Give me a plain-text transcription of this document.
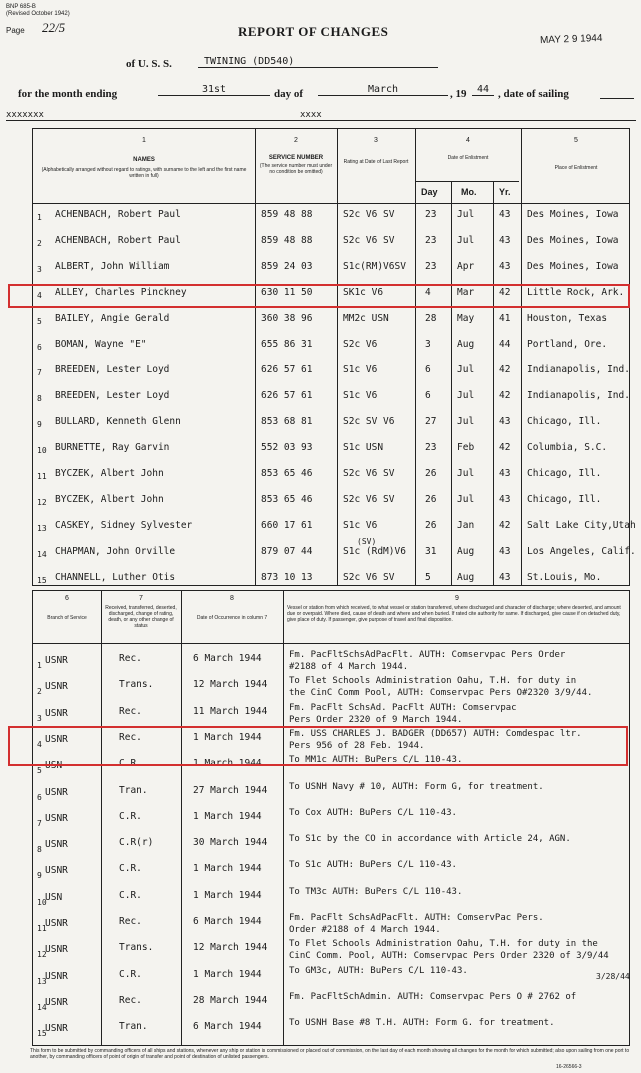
BNP 685-B
(Revised October 1942)
Page 22/5	REPORT OF CHANGES
MAY 2 9 1944
of U. S. S.	TWINING (DD540)
for the month ending	31st	day of	March	, 19	44 , date of sailing
xxxxxxx	xxxx
1
NAMES
(Alphabetically arranged without regard to ratings, with surname to the left and the first name written in full)
2
SERVICE NUMBER
(The service number must under no condition be omitted)
3
Rating at Date of Last Report
4
Date of Enlistment
Day	Mo.	Yr.
5
Place of Enlistment
1 ACHENBACH, Robert Paul	859 48 88	S2c V6 SV	23 Jul	43 Des Moines, Iowa
2 ACHENBACH, Robert Paul	859 48 88	S2c V6 SV	23 Jul	43 Des Moines, Iowa
3 ALBERT, John William	859 24 03	S1c(RM)V6SV 23 Apr	43 Des Moines, Iowa
4 ALLEY, Charles Pinckney	630 11 50	SK1c V6	4	Mar	42 Little Rock, Ark.
5 BAILEY, Angie Gerald	360 38 96	MM2c USN	28 May	41 Houston, Texas
6 BOMAN, Wayne "E"	655 86 31	S2c V6	3	Aug	44 Portland, Ore.
7 BREEDEN, Lester Loyd	626 57 61	S1c V6	6	Jul	42 Indianapolis, Ind.
8 BREEDEN, Lester Loyd	626 57 61	S1c V6	6	Jul	42 Indianapolis, Ind.
9 BULLARD, Kenneth Glenn	853 68 81	S2c SV V6	27 Jul	43 Chicago, Ill.
10 BURNETTE, Ray Garvin	552 03 93	S1c USN	23 Feb	42 Columbia, S.C.
11 BYCZEK, Albert John	853 65 46	S2c V6 SV	26 Jul	43 Chicago, Ill.
12 BYCZEK, Albert John	853 65 46	S2c V6 SV	26 Jul	43 Chicago, Ill.
13 CASKEY, Sidney Sylvester	660 17 61	S1c V6	26 Jan	42 Salt Lake City,Utah
14 CHAPMAN, John Orville	879 07 44	S1c (RdM)V6 31 Aug	43 Los Angeles, Calif.
15 CHANNELL, Luther Otis	873 10 13	S2c V6 SV	5	Aug	43 St.Louis, Mo.
(SV)
6
Branch of Service
7
Received, transferred, deserted, discharged, change of rating, death, or any other change of status
8
Date of Occurrence in column 7
9
Vessel or station from which received, to what vessel or station transferred, where discharged and character of discharge; where deserted, and amount due or overpaid. Where died, cause of death and where and when buried. If rated cite authority for same. If discharged, give cause if on detached duty, give place of duty. If passenger, give purpose of travel and final disposition.
1 USNR	Rec.	6 March 1944	Fm. PacFltSchsAdPacFlt. AUTH: Comservpac Pers Order
#2188 of 4 March 1944.
2 USNR	Trans.	12 March 1944 To Flet Schools Administration Oahu, T.H. for duty in
the CinC Comm Pool, AUTH: Comservpac Pers O#2320 3/9/44.
3 USNR	Rec.	11 March 1944 Fm. PacFlt SchsAd. PacFlt AUTH: Comservpac
Pers Order 2320 of 9 March 1944.
4 USNR	Rec.	1 March 1944	Fm. USS CHARLES J. BADGER (DD657) AUTH: Comdespac ltr.
Pers 956 of 28 Feb. 1944.
5 USN	C.R.	1 March 1944	To MM1c AUTH: BuPers C/L 110-43.
6 USNR	Tran.	27 March 1944 To USNH Navy # 10, AUTH: Form G, for treatment.
7 USNR	C.R.	1 March 1944	To Cox AUTH: BuPers C/L 110-43.
8 USNR	C.R(r)	30 March 1944 To S1c by the CO in accordance with Article 24, AGN.
9 USNR	C.R.	1 March 1944	To S1c AUTH: BuPers C/L 110-43.
10
USN	C.R.	1 March 1944	To TM3c AUTH: BuPers C/L 110-43.
11
USNR	Rec.	6 March 1944	Fm. PacFlt SchsAdPacFlt. AUTH: ComservPac Pers.
Order #2188 of 4 March 1944.
12
USNR	Trans.	12 March 1944 To Flet Schools Administration Oahu, T.H. for duty in the
CinC Comm. Pool, AUTH: Comservpac Pers Order 2320 of 3/9/44
13
USNR	C.R.	1 March 1944	To GM3c, AUTH: BuPers C/L 110-43.
14
USNR	Rec.	28 March 1944 Fm. PacFltSchAdmin. AUTH: Comservpac Pers O # 2762 of
15
USNR	Tran.	6 March 1944	To USNH Base #8 T.H. AUTH: Form G. for treatment.
3/28/44
This form to be submitted by commanding officers of all ships and stations, whenever any ship or station is commissioned or placed out of commission, on the last day of each month showing all changes for the month for which submitted; also upon sailing from one port to another, by commanding officers of point of origin of transfer and point of destination of unlisted passengers.
16-26566-3
